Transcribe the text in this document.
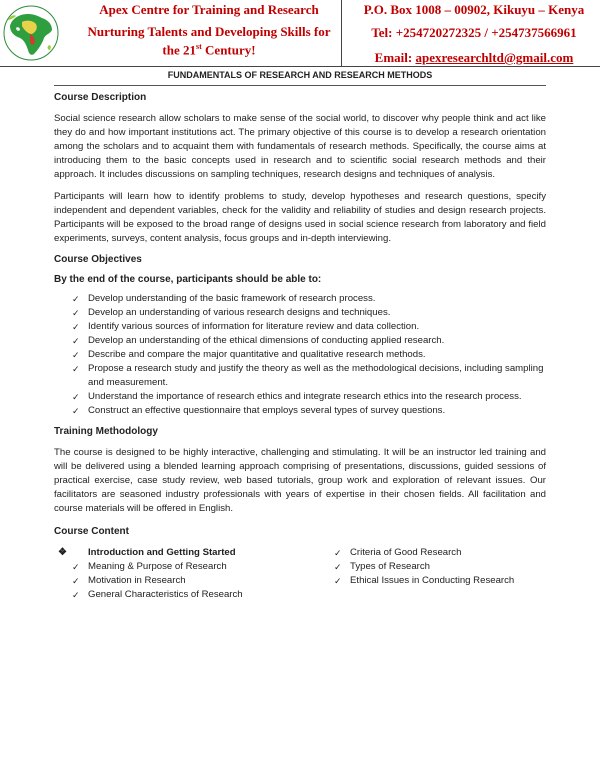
Apex Centre for Training and Research
Nurturing Talents and Developing Skills for the 21st Century!
P.O. Box 1008 – 00902, Kikuyu – Kenya
Tel: +254720272325 / +254737566961
Email: apexresearchltd@gmail.com
FUNDAMENTALS OF RESEARCH AND RESEARCH METHODS
Course Description

Social science research allow scholars to make sense of the social world, to discover why people think and act like they do and how important institutions act. The primary objective of this course is to develop a research orientation among the scholars and to acquaint them with fundamentals of research methods. Specifically, the course aims at introducing them to the basic concepts used in research and to scientific social research methods and their approach. It includes discussions on sampling techniques, research designs and techniques of analysis.

Participants will learn how to identify problems to study, develop hypotheses and research questions, specify independent and dependent variables, check for the validity and reliability of studies and design research projects. Participants will be exposed to the broad range of designs used in social science research from laboratory and field experiments, surveys, content analysis, focus groups and in-depth interviewing.

Course Objectives
By the end of the course, participants should be able to:
✓ Develop understanding of the basic framework of research process.
✓ Develop an understanding of various research designs and techniques.
✓ Identify various sources of information for literature review and data collection.
✓ Develop an understanding of the ethical dimensions of conducting applied research.
✓ Describe and compare the major quantitative and qualitative research methods.
✓ Propose a research study and justify the theory as well as the methodological decisions, including sampling and measurement.
✓ Understand the importance of research ethics and integrate research ethics into the research process.
✓ Construct an effective questionnaire that employs several types of survey questions.
Training Methodology

The course is designed to be highly interactive, challenging and stimulating. It will be an instructor led training and will be delivered using a blended learning approach comprising of presentations, discussions, guided sessions of practical exercise, case study review, web based tutorials, group work and exploration of relevant issues. Our facilitators are seasoned industry professionals with years of expertise in their chosen fields. All facilitation and course materials will be offered in English.

Course Content
❖ Introduction and Getting Started
✓ Meaning & Purpose of Research
✓ Motivation in Research
✓ General Characteristics of Research
✓ Criteria of Good Research
✓ Types of Research
✓ Ethical Issues in Conducting Research
